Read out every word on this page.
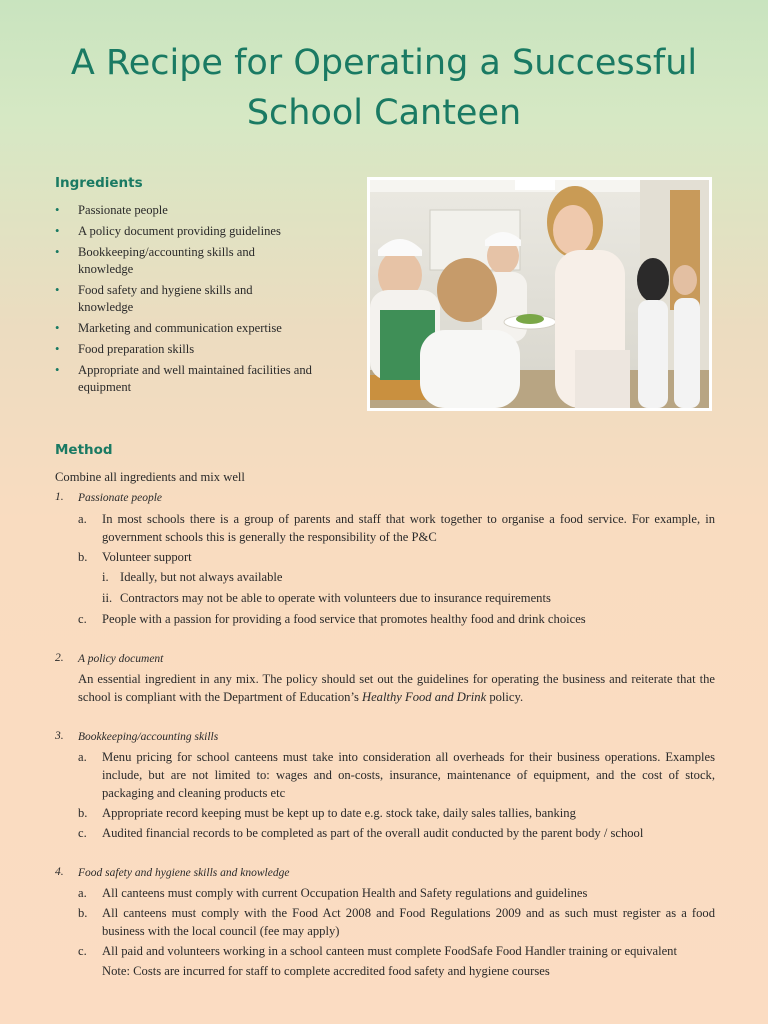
A Recipe for Operating a Successful
School Canteen
Ingredients
• Passionate people
• A policy document providing guidelines
• Bookkeeping/accounting skills and knowledge
• Food safety and hygiene skills and knowledge
• Marketing and communication expertise
• Food preparation skills
• Appropriate and well maintained facilities and equipment
Method

Combine all ingredients and mix well

1. Passionate people
a. In most schools there is a group of parents and staff that work together to organise a food service. For example, in government schools this is generally the responsibility of the P&C
b. Volunteer support
i. Ideally, but not always available
ii. Contractors may not be able to operate with volunteers due to insurance requirements
c. People with a passion for providing a food service that promotes healthy food and drink choices
2. A policy document
An essential ingredient in any mix. The policy should set out the guidelines for operating the business and reiterate that the school is compliant with the Department of Education’s Healthy Food and Drink policy.
3. Bookkeeping/accounting skills
a. Menu pricing for school canteens must take into consideration all overheads for their business operations. Examples include, but are not limited to: wages and on-costs, insurance, maintenance of equipment, and the cost of stock, packaging and cleaning products etc
b. Appropriate record keeping must be kept up to date e.g. stock take, daily sales tallies, banking
c. Audited financial records to be completed as part of the overall audit conducted by the parent body / school
4. Food safety and hygiene skills and knowledge
a. All canteens must comply with current Occupation Health and Safety regulations and guidelines
b. All canteens must comply with the Food Act 2008 and Food Regulations 2009 and as such must register as a food business with the local council (fee may apply)
c. All paid and volunteers working in a school canteen must complete FoodSafe Food Handler training or equivalent
Note: Costs are incurred for staff to complete accredited food safety and hygiene courses
